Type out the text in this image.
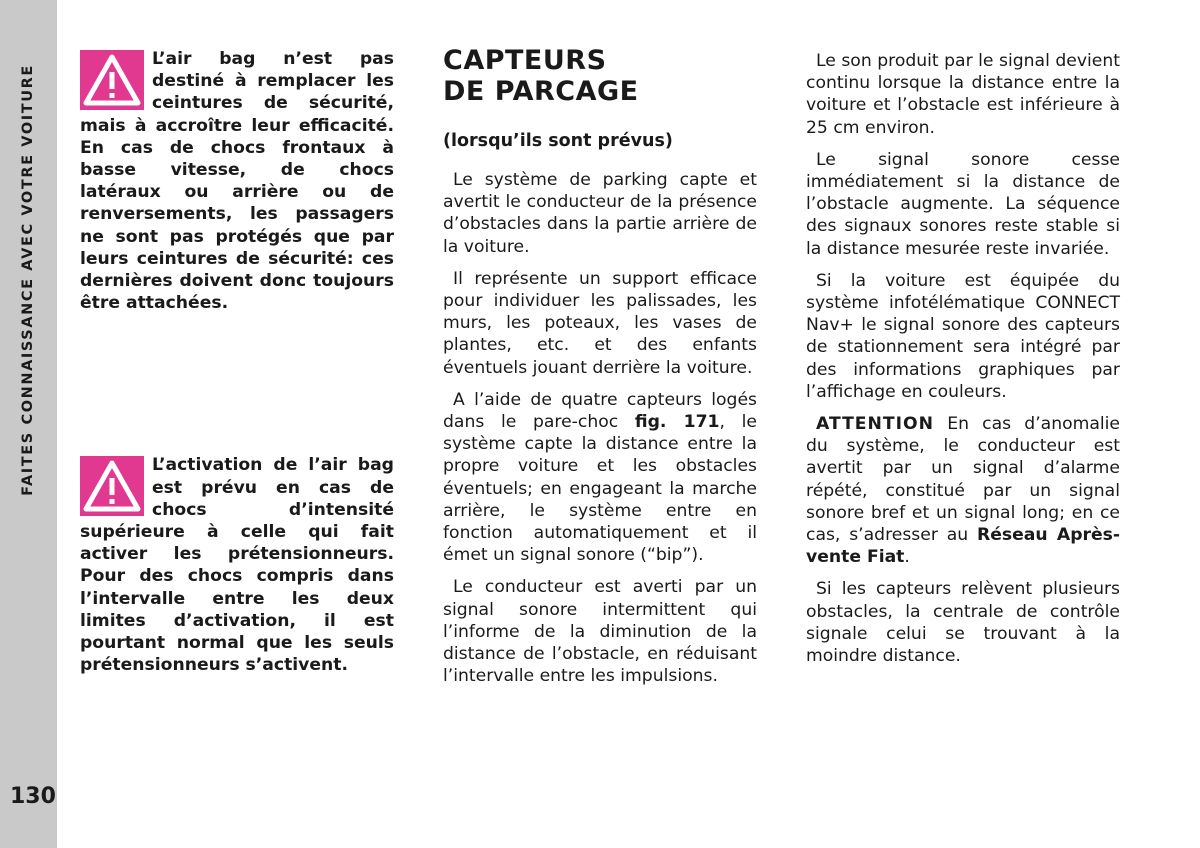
FAITES CONNAISSANCE AVEC VOTRE VOITURE
130
L’air bag n’est pas destiné à remplacer les ceintures de sécurité, mais à accroître leur efficacité. En cas de chocs frontaux à basse vitesse, de chocs latéraux ou arrière ou de renversements, les passagers ne sont pas protégés que par leurs ceintures de sécurité: ces dernières doivent donc toujours être attachées.
L’activation de l’air bag est prévu en cas de chocs d’intensité supérieure à celle qui fait activer les prétensionneurs. Pour des chocs compris dans l’intervalle entre les deux limites d’activation, il est pourtant normal que les seuls prétensionneurs s’activent.
CAPTEURS
DE PARCAGE
(lorsqu’ils sont prévus)

Le système de parking capte et avertit le conducteur de la présence d’obstacles dans la partie arrière de la voiture.

Il représente un support efficace pour individuer les palissades, les murs, les poteaux, les vases de plantes, etc. et des enfants éventuels jouant derrière la voiture.

A l’aide de quatre capteurs logés dans le pare-choc fig. 171, le système capte la distance entre la propre voiture et les obstacles éventuels; en engageant la marche arrière, le système entre en fonction automatiquement et il émet un signal sonore (“bip”).

Le conducteur est averti par un signal sonore intermittent qui l’informe de la diminution de la distance de l’obstacle, en réduisant l’intervalle entre les impulsions.

Le son produit par le signal devient continu lorsque la distance entre la voiture et l’obstacle est inférieure à 25 cm environ.

Le signal sonore cesse immédiatement si la distance de l’obstacle augmente. La séquence des signaux sonores reste stable si la distance mesurée reste invariée.

Si la voiture est équipée du système infotélématique CONNECT Nav+ le signal sonore des capteurs de stationnement sera intégré par des informations graphiques par l’affichage en couleurs.

ATTENTION En cas d’anomalie du système, le conducteur est avertit par un signal d’alarme répété, constitué par un signal sonore bref et un signal long; en ce cas, s’adresser au Réseau Après-vente Fiat.

Si les capteurs relèvent plusieurs obstacles, la centrale de contrôle signale celui se trouvant à la moindre distance.
